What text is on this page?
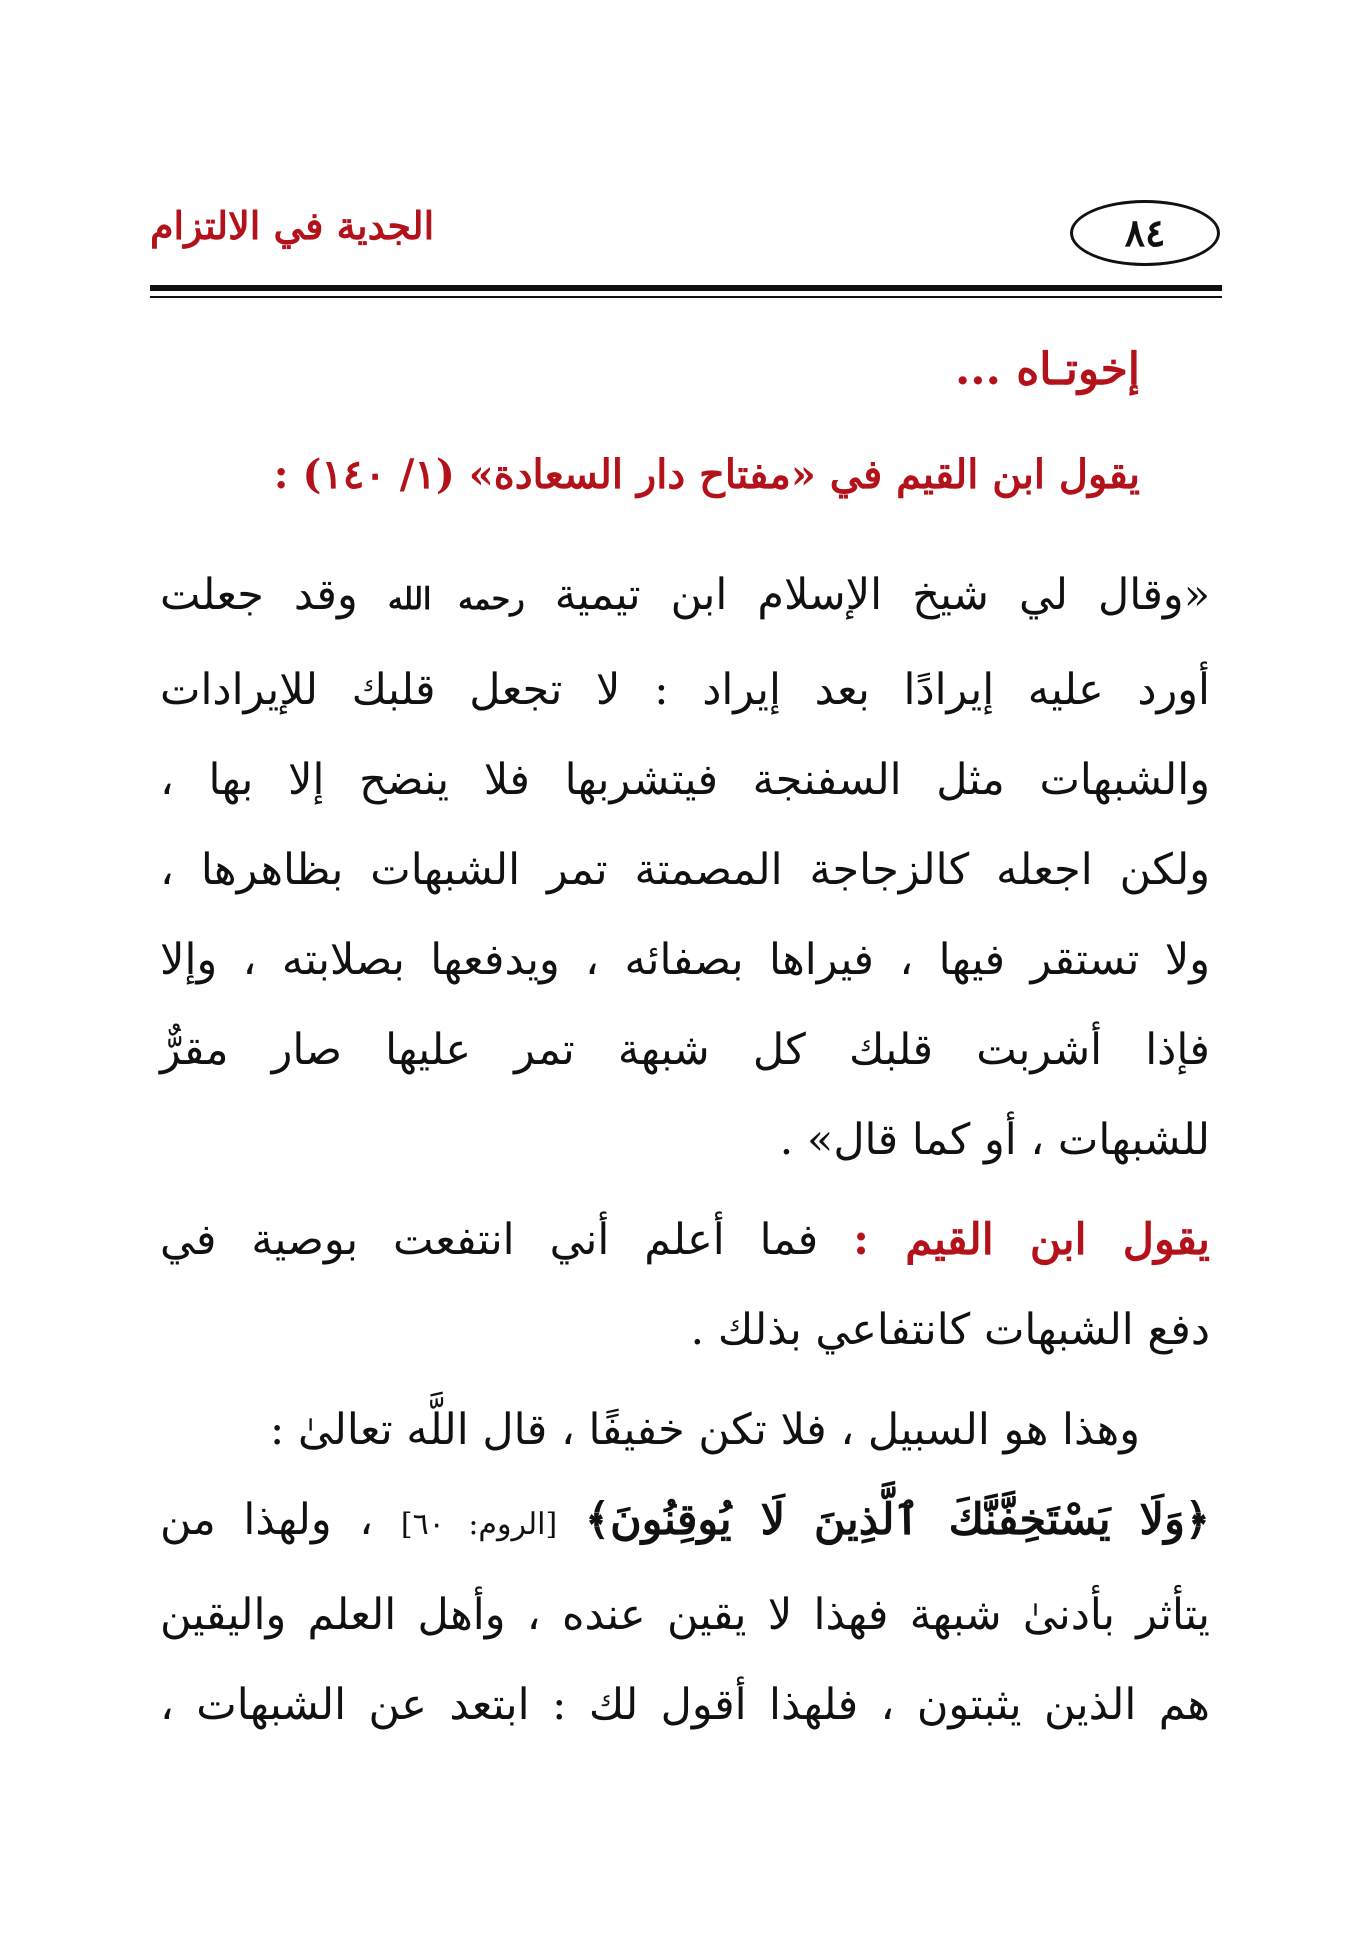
الجدية في الالتزام	٨٤
إخوتـاه ...
يقول ابن القيم في «مفتاح دار السعادة» (١/ ١٤٠) :
«وقال لي شيخ الإسلام ابن تيمية رحمه الله وقد جعلت
أورد عليه إيرادًا بعد إيراد : لا تجعل قلبك للإيرادات
والشبهات مثل السفنجة فيتشربها فلا ينضح إلا بها ،
ولكن اجعله كالزجاجة المصمتة تمر الشبهات بظاهرها ،
ولا تستقر فيها ، فيراها بصفائه ، ويدفعها بصلابته ، وإلا
فإذا أشربت قلبك كل شبهة تمر عليها صار مقرٌّ
للشبهات ، أو كما قال» .
يقول ابن القيم : فما أعلم أني انتفعت بوصية في
دفع الشبهات كانتفاعي بذلك .
وهذا هو السبيل ، فلا تكن خفيفًا ، قال اللَّه تعالىٰ :
﴿وَلَا يَسْتَخِفَّنَّكَ ٱلَّذِينَ لَا يُوقِنُونَ﴾ [الروم: ٦٠] ، ولهذا من
يتأثر بأدنىٰ شبهة فهذا لا يقين عنده ، وأهل العلم واليقين
هم الذين يثبتون ، فلهذا أقول لك : ابتعد عن الشبهات ،
